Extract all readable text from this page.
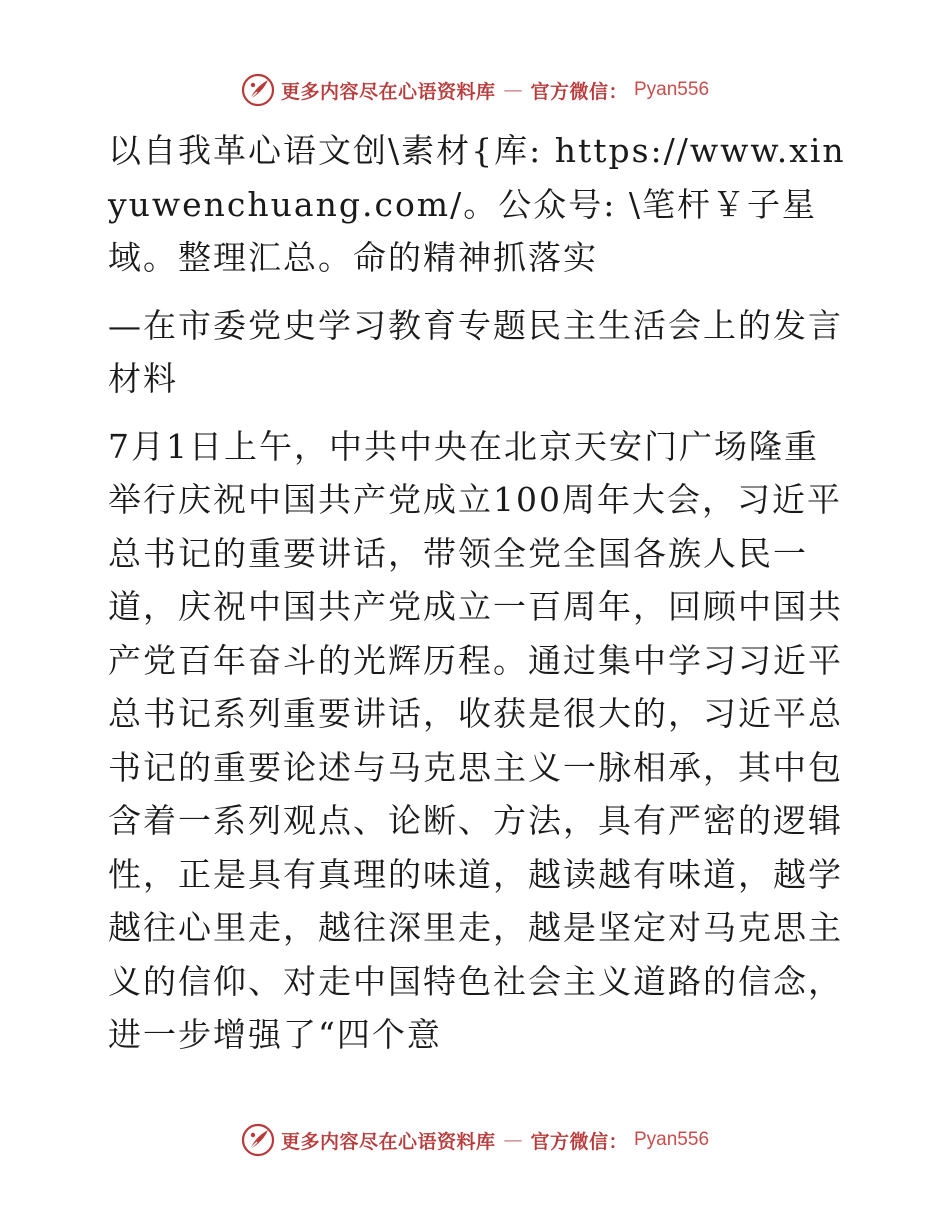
更多内容尽在心语资料库 — 官方微信： Pyan556

以自我革心语文创\素材{库: https://www.xinyuwenchuang.com/。公众号: \笔杆￥子星域。整理汇总。命的精神抓落实

—在市委党史学习教育专题民主生活会上的发言材料

7月1日上午，中共中央在北京天安门广场隆重举行庆祝中国共产党成立100周年大会，习近平总书记的重要讲话，带领全党全国各族人民一道，庆祝中国共产党成立一百周年，回顾中国共产党百年奋斗的光辉历程。通过集中学习习近平总书记系列重要讲话，收获是很大的，习近平总书记的重要论述与马克思主义一脉相承，其中包含着一系列观点、论断、方法，具有严密的逻辑性，正是具有真理的味道，越读越有味道，越学越往心里走，越往深里走，越是坚定对马克思主义的信仰、对走中国特色社会主义道路的信念，进一步增强了“四个意

更多内容尽在心语资料库 — 官方微信： Pyan556
